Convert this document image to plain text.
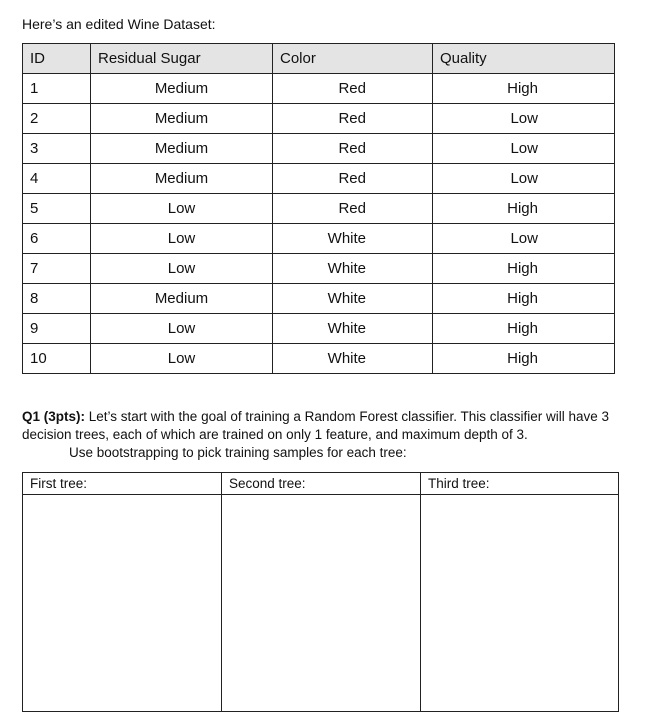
Here’s an edited Wine Dataset:
ID	Residual Sugar	Color	Quality
1	Medium	Red	High
2	Medium	Red	Low
3	Medium	Red	Low
4	Medium	Red	Low
5	Low	Red	High
6	Low	White	Low
7	Low	White	High
8	Medium	White	High
9	Low	White	High
10	Low	White	High
Q1 (3pts): Let’s start with the goal of training a Random Forest classifier. This classifier will have 3 decision trees, each of which are trained on only 1 feature, and maximum depth of 3.
Use bootstrapping to pick training samples for each tree:
First tree:	Second tree:	Third tree:
